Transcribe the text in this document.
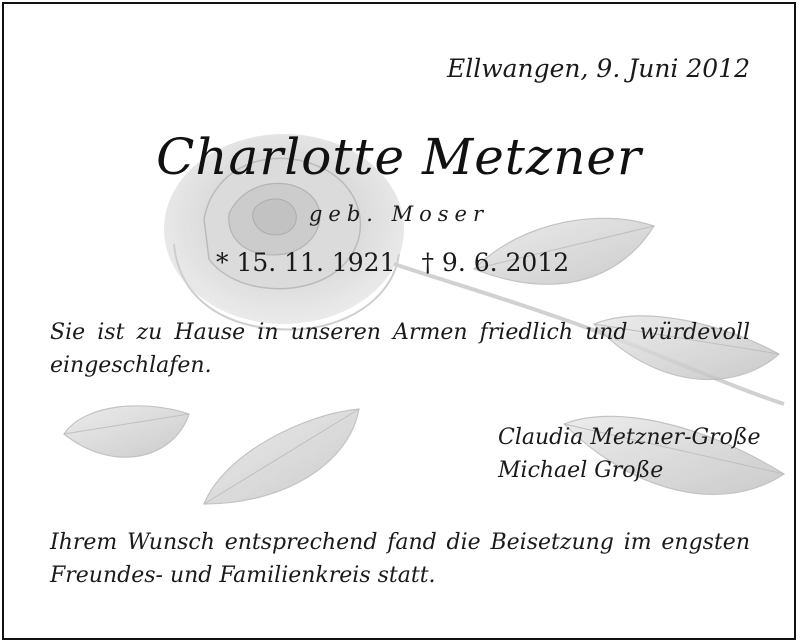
Ellwangen, 9. Juni 2012
Charlotte Metzner
geb. Moser
* 15. 11. 1921 † 9. 6. 2012
Sie ist zu Hause in unseren Armen friedlich und würdevoll eingeschlafen.
Claudia Metzner-Große
Michael Große
Ihrem Wunsch entsprechend fand die Beisetzung im engsten Freundes- und Familienkreis statt.
